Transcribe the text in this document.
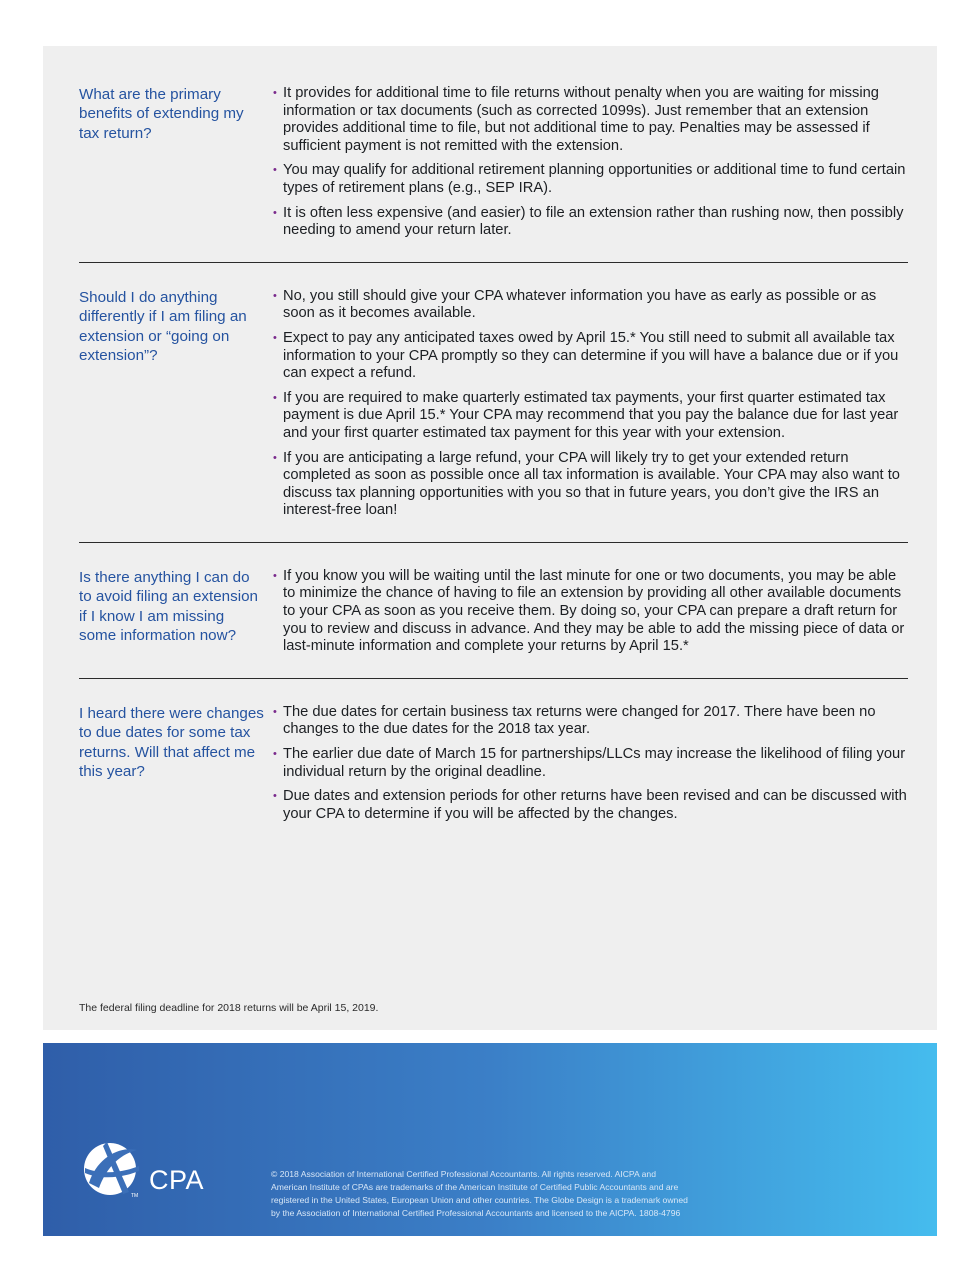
What are the primary benefits of extending my tax return?
• It provides for additional time to file returns without penalty when you are waiting for missing information or tax documents (such as corrected 1099s). Just remember that an extension provides additional time to file, but not additional time to pay. Penalties may be assessed if sufficient payment is not remitted with the extension.
• You may qualify for additional retirement planning opportunities or additional time to fund certain types of retirement plans (e.g., SEP IRA).
• It is often less expensive (and easier) to file an extension rather than rushing now, then possibly needing to amend your return later.
Should I do anything differently if I am filing an extension or “going on extension”?
• No, you still should give your CPA whatever information you have as early as possible or as soon as it becomes available.
• Expect to pay any anticipated taxes owed by April 15.* You still need to submit all available tax information to your CPA promptly so they can determine if you will have a balance due or if you can expect a refund.
• If you are required to make quarterly estimated tax payments, your first quarter estimated tax payment is due April 15.* Your CPA may recommend that you pay the balance due for last year and your first quarter estimated tax payment for this year with your extension.
• If you are anticipating a large refund, your CPA will likely try to get your extended return completed as soon as possible once all tax information is available. Your CPA may also want to discuss tax planning opportunities with you so that in future years, you don’t give the IRS an interest-free loan!
Is there anything I can do to avoid filing an extension if I know I am missing some information now?
• If you know you will be waiting until the last minute for one or two documents, you may be able to minimize the chance of having to file an extension by providing all other available documents to your CPA as soon as you receive them. By doing so, your CPA can prepare a draft return for you to review and discuss in advance. And they may be able to add the missing piece of data or last-minute information and complete your returns by April 15.*
I heard there were changes to due dates for some tax returns. Will that affect me this year?
• The due dates for certain business tax returns were changed for 2017. There have been no changes to the due dates for the 2018 tax year.
• The earlier due date of March 15 for partnerships/LLCs may increase the likelihood of filing your individual return by the original deadline.
• Due dates and extension periods for other returns have been revised and can be discussed with your CPA to determine if you will be affected by the changes.
The federal filing deadline for 2018 returns will be April 15, 2019.
TM
CPA	© 2018 Association of International Certified Professional Accountants. All rights reserved. AICPA and
American Institute of CPAs are trademarks of the American Institute of Certified Public Accountants and are
registered in the United States, European Union and other countries. The Globe Design is a trademark owned
by the Association of International Certified Professional Accountants and licensed to the AICPA. 1808-4796
